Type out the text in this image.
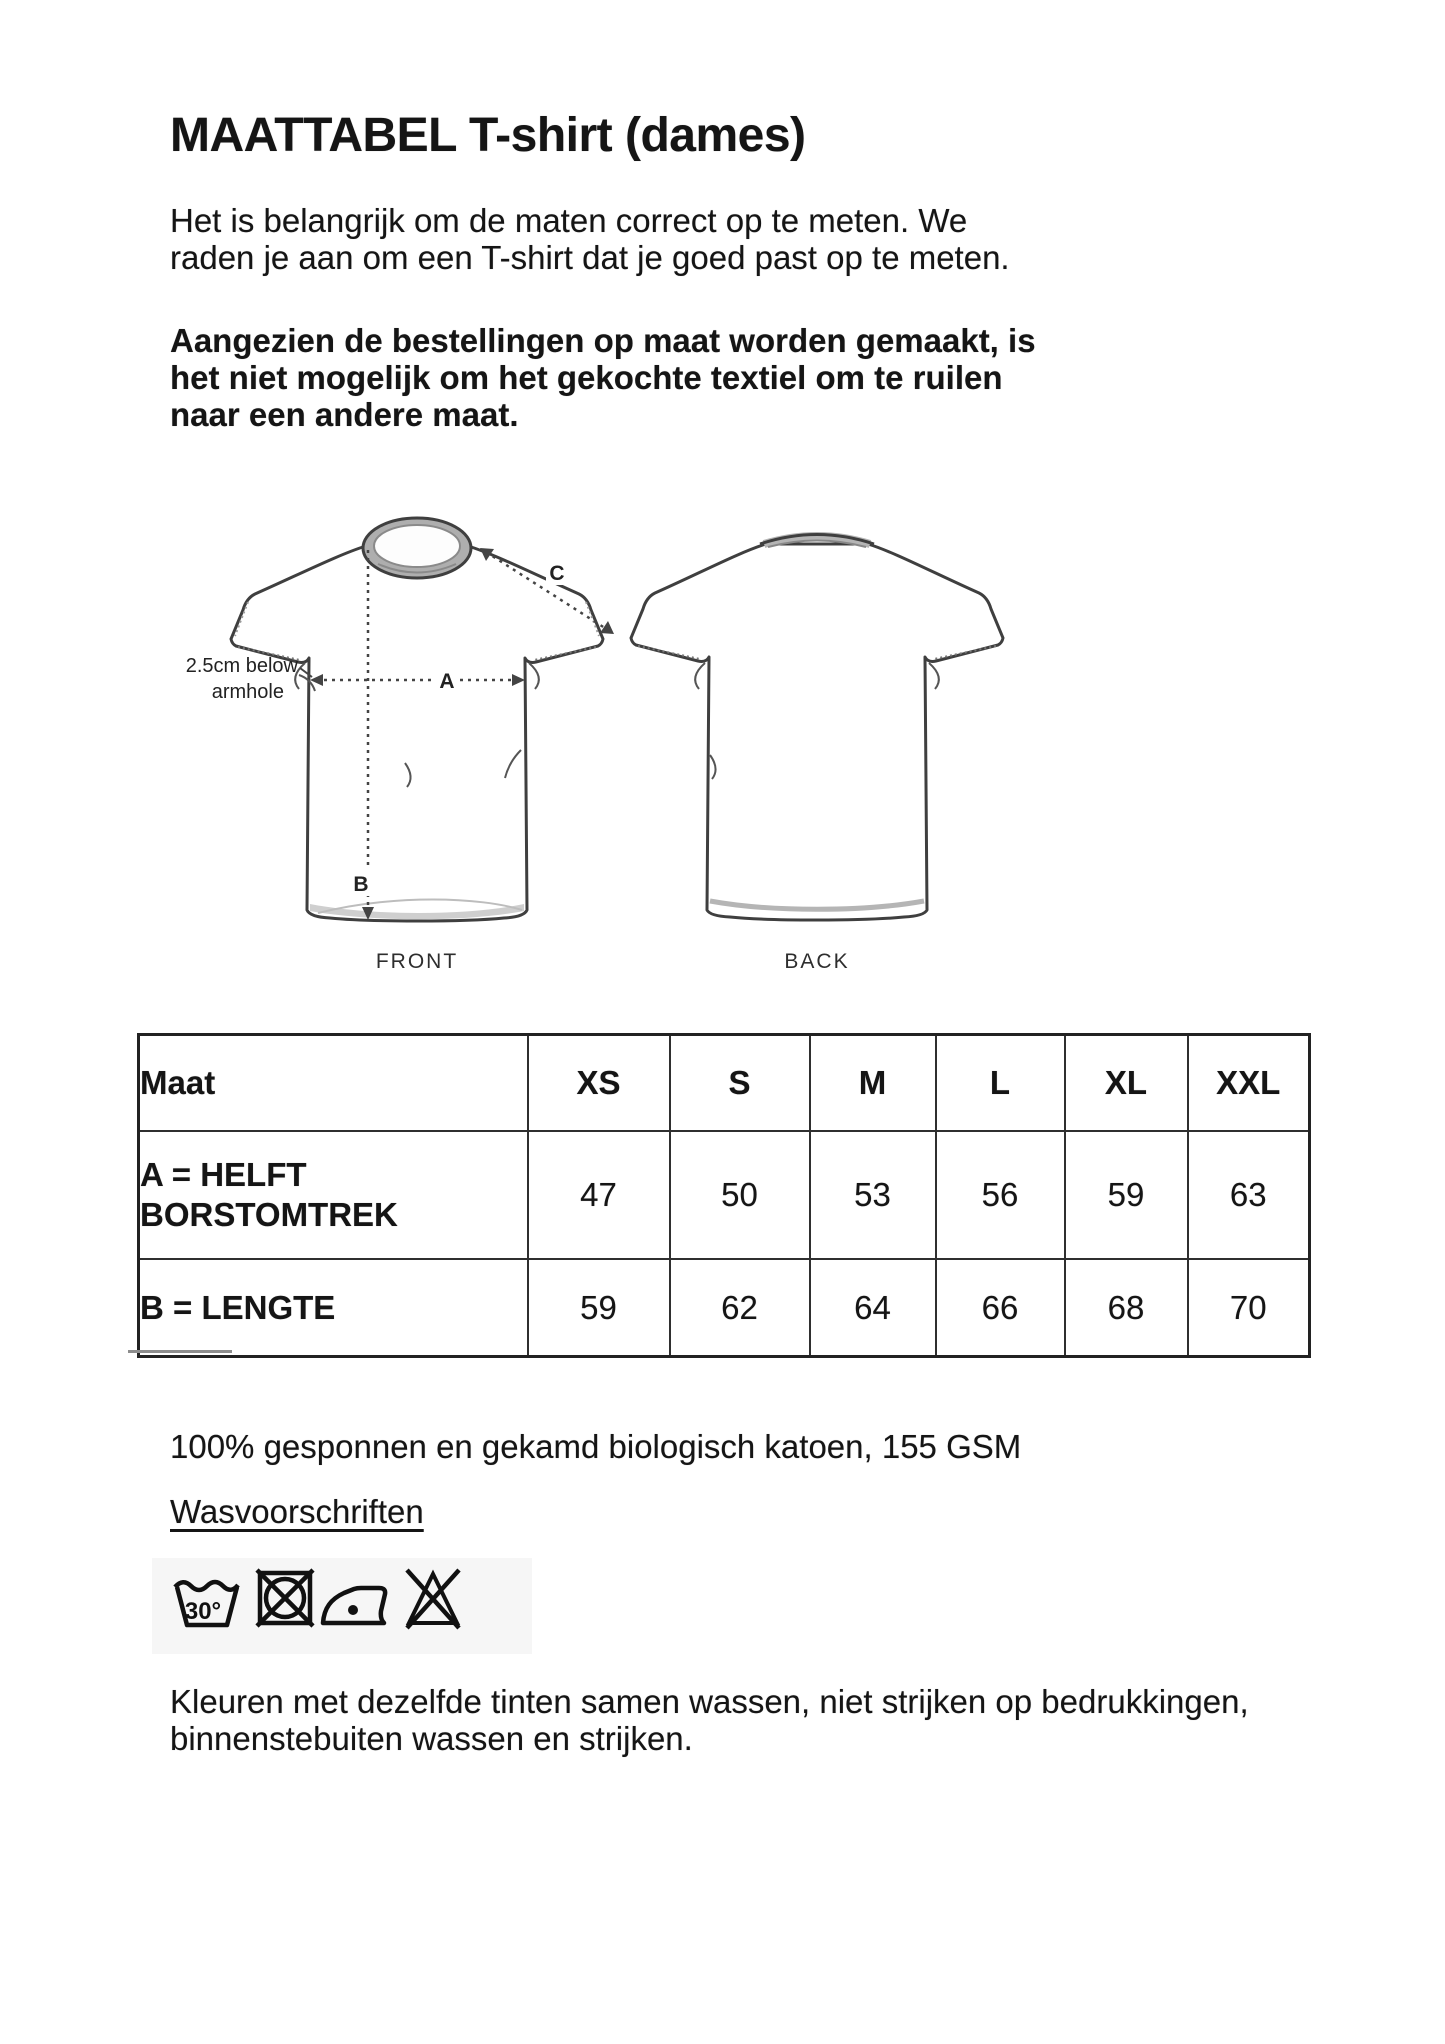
MAATTABEL T-shirt (dames)
Het is belangrijk om de maten correct op te meten. We
raden je aan om een T-shirt dat je goed past op te meten.
Aangezien de bestellingen op maat worden gemaakt, is
het niet mogelijk om het gekochte textiel om te ruilen
naar een andere maat.
A
B
C
2.5cm below
armhole
FRONT	BACK
Maat	XS	S	M	L	XL	XXL

A = HELFT
BORSTOMTREK	47	50	53	56	59	63

B = LENGTE	59	62	64	66	68	70
100% gesponnen en gekamd biologisch katoen, 155 GSM
Wasvoorschriften
30°
Kleuren met dezelfde tinten samen wassen, niet strijken op bedrukkingen,
binnenstebuiten wassen en strijken.
